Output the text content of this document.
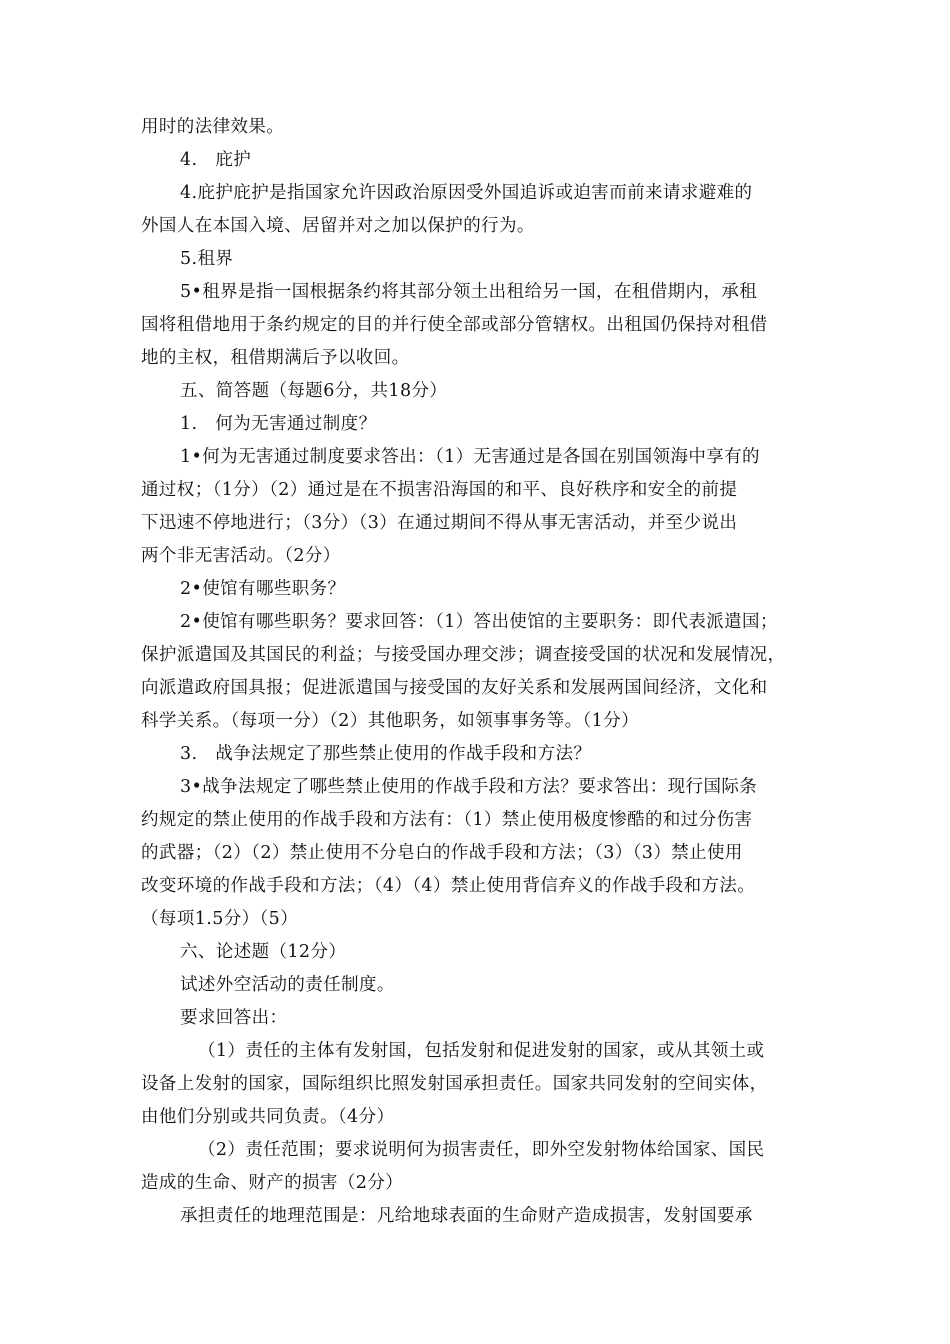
用时的法律效果。
4.   庇护
4.庇护庇护是指国家允许因政治原因受外国追诉或迫害而前来请求避难的
外国人在本国入境、居留并对之加以保护的行为。
5.租界
5•租界是指一国根据条约将其部分领土出租给另一国，在租借期内，承租
国将租借地用于条约规定的目的并行使全部或部分管辖权。出租国仍保持对租借
地的主权，租借期满后予以收回。
五、简答题（每题6分，共18分）
1.   何为无害通过制度？
1•何为无害通过制度要求答出：（1）无害通过是各国在别国领海中享有的
通过权；（1分）（2）通过是在不损害沿海国的和平、良好秩序和安全的前提
下迅速不停地进行；（3分）（3）在通过期间不得从事无害活动，并至少说出
两个非无害活动。（2分）
2•使馆有哪些职务？
2•使馆有哪些职务？要求回答：（1）答出使馆的主要职务：即代表派遣国；
保护派遣国及其国民的利益；与接受国办理交涉；调查接受国的状况和发展情况，
向派遣政府国具报；促进派遣国与接受国的友好关系和发展两国间经济，文化和
科学关系。（每项一分）（2）其他职务，如领事事务等。（1分）
3.   战争法规定了那些禁止使用的作战手段和方法？
3•战争法规定了哪些禁止使用的作战手段和方法？要求答出：现行国际条
约规定的禁止使用的作战手段和方法有：（1）禁止使用极度惨酷的和过分伤害
的武器；（2）（2）禁止使用不分皂白的作战手段和方法；（3）（3）禁止使用
改变环境的作战手段和方法；（4）（4）禁止使用背信弃义的作战手段和方法。
（每项1.5分）（5）
六、论述题（12分）
试述外空活动的责任制度。
要求回答出：
（1）责任的主体有发射国，包括发射和促进发射的国家，或从其领土或
设备上发射的国家，国际组织比照发射国承担责任。国家共同发射的空间实体，
由他们分别或共同负责。（4分）
（2）责任范围；要求说明何为损害责任，即外空发射物体给国家、国民
造成的生命、财产的损害（2分）
承担责任的地理范围是：凡给地球表面的生命财产造成损害，发射国要承
